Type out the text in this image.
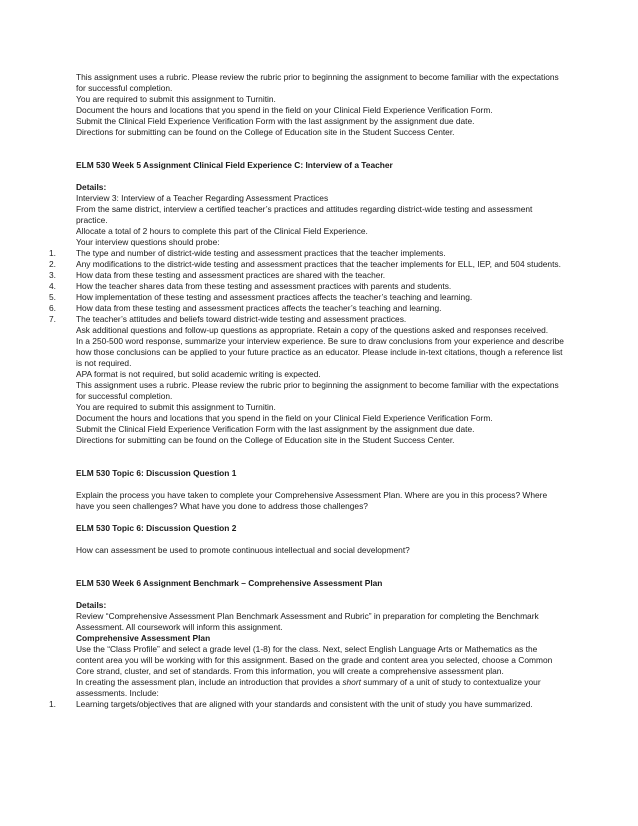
This assignment uses a rubric. Please review the rubric prior to beginning the assignment to become familiar with the expectations for successful completion.

You are required to submit this assignment to Turnitin.

Document the hours and locations that you spend in the field on your Clinical Field Experience Verification Form.

Submit the Clinical Field Experience Verification Form with the last assignment by the assignment due date.

Directions for submitting can be found on the College of Education site in the Student Success Center.

ELM 530 Week 5 Assignment Clinical Field Experience C: Interview of a Teacher

Details:

Interview 3: Interview of a Teacher Regarding Assessment Practices

From the same district, interview a certified teacher’s practices and attitudes regarding district-wide testing and assessment practice.

Allocate a total of 2 hours to complete this part of the Clinical Field Experience.

Your interview questions should probe:

1.	The type and number of district-wide testing and assessment practices that the teacher implements.
2.	Any modifications to the district-wide testing and assessment practices that the teacher implements for ELL, IEP, and 504 students.
3.	How data from these testing and assessment practices are shared with the teacher.
4.	How the teacher shares data from these testing and assessment practices with parents and students.
5.	How implementation of these testing and assessment practices affects the teacher’s teaching and learning.
6.	How data from these testing and assessment practices affects the teacher’s teaching and learning.
7.	The teacher’s attitudes and beliefs toward district-wide testing and assessment practices.

Ask additional questions and follow-up questions as appropriate. Retain a copy of the questions asked and responses received.

In a 250-500 word response, summarize your interview experience. Be sure to draw conclusions from your experience and describe how those conclusions can be applied to your future practice as an educator. Please include in-text citations, though a reference list is not required.

APA format is not required, but solid academic writing is expected.

This assignment uses a rubric. Please review the rubric prior to beginning the assignment to become familiar with the expectations for successful completion.

You are required to submit this assignment to Turnitin.

Document the hours and locations that you spend in the field on your Clinical Field Experience Verification Form.

Submit the Clinical Field Experience Verification Form with the last assignment by the assignment due date.

Directions for submitting can be found on the College of Education site in the Student Success Center.

ELM 530 Topic 6: Discussion Question 1

Explain the process you have taken to complete your Comprehensive Assessment Plan. Where are you in this process? Where have you seen challenges? What have you done to address those challenges?

ELM 530 Topic 6: Discussion Question 2

How can assessment be used to promote continuous intellectual and social development?

ELM 530 Week 6 Assignment Benchmark – Comprehensive Assessment Plan

Details:

Review “Comprehensive Assessment Plan Benchmark Assessment and Rubric” in preparation for completing the Benchmark Assessment. All coursework will inform this assignment.

Comprehensive Assessment Plan

Use the “Class Profile” and select a grade level (1-8) for the class. Next, select English Language Arts or Mathematics as the content area you will be working with for this assignment. Based on the grade and content area you selected, choose a Common Core strand, cluster, and set of standards. From this information, you will create a comprehensive assessment plan.

In creating the assessment plan, include an introduction that provides a short summary of a unit of study to contextualize your assessments. Include:

1.	Learning targets/objectives that are aligned with your standards and consistent with the unit of study you have summarized.
